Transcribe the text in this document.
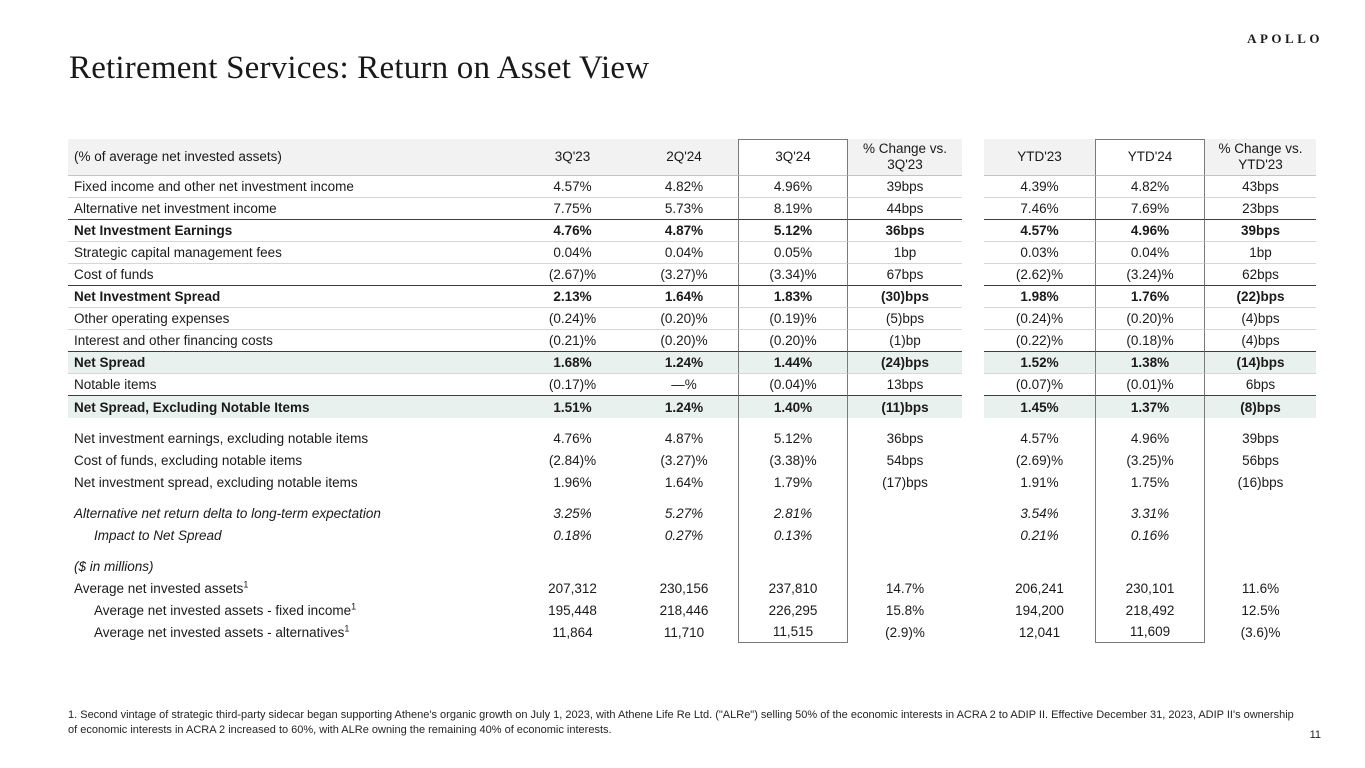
APOLLO
Retirement Services: Return on Asset View
(% of average net invested assets)	3Q'23	2Q'24	3Q'24	% Change vs. 3Q'23		YTD'23	YTD'24	% Change vs. YTD'23
Fixed income and other net investment income	4.57%	4.82%	4.96%	39bps		4.39%	4.82%	43bps
Alternative net investment income	7.75%	5.73%	8.19%	44bps		7.46%	7.69%	23bps
Net Investment Earnings	4.76%	4.87%	5.12%	36bps		4.57%	4.96%	39bps
Strategic capital management fees	0.04%	0.04%	0.05%	1bp		0.03%	0.04%	1bp
Cost of funds	(2.67)%	(3.27)%	(3.34)%	67bps		(2.62)%	(3.24)%	62bps
Net Investment Spread	2.13%	1.64%	1.83%	(30)bps		1.98%	1.76%	(22)bps
Other operating expenses	(0.24)%	(0.20)%	(0.19)%	(5)bps		(0.24)%	(0.20)%	(4)bps
Interest and other financing costs	(0.21)%	(0.20)%	(0.20)%	(1)bp		(0.22)%	(0.18)%	(4)bps
Net Spread	1.68%	1.24%	1.44%	(24)bps		1.52%	1.38%	(14)bps
Notable items	(0.17)%	—%	(0.04)%	13bps		(0.07)%	(0.01)%	6bps
Net Spread, Excluding Notable Items	1.51%	1.24%	1.40%	(11)bps		1.45%	1.37%	(8)bps

Net investment earnings, excluding notable items	4.76%	4.87%	5.12%	36bps		4.57%	4.96%	39bps
Cost of funds, excluding notable items	(2.84)%	(3.27)%	(3.38)%	54bps		(2.69)%	(3.25)%	56bps
Net investment spread, excluding notable items	1.96%	1.64%	1.79%	(17)bps		1.91%	1.75%	(16)bps

Alternative net return delta to long-term expectation	3.25%	5.27%	2.81%			3.54%	3.31%	
Impact to Net Spread	0.18%	0.27%	0.13%			0.21%	0.16%	

($ in millions)								
Average net invested assets$^1$	207,312	230,156	237,810	14.7%		206,241	230,101	11.6%
Average net invested assets - fixed income$^1$	195,448	218,446	226,295	15.8%		194,200	218,492	12.5%
Average net invested assets - alternatives$^1$	11,864	11,710	11,515	(2.9)%		12,041	11,609	(3.6)%
1. Second vintage of strategic third-party sidecar began supporting Athene's organic growth on July 1, 2023, with Athene Life Re Ltd. ("ALRe") selling 50% of the economic interests in ACRA 2 to ADIP II. Effective December 31, 2023, ADIP II's ownership of economic interests in ACRA 2 increased to 60%, with ALRe owning the remaining 40% of economic interests.	11
